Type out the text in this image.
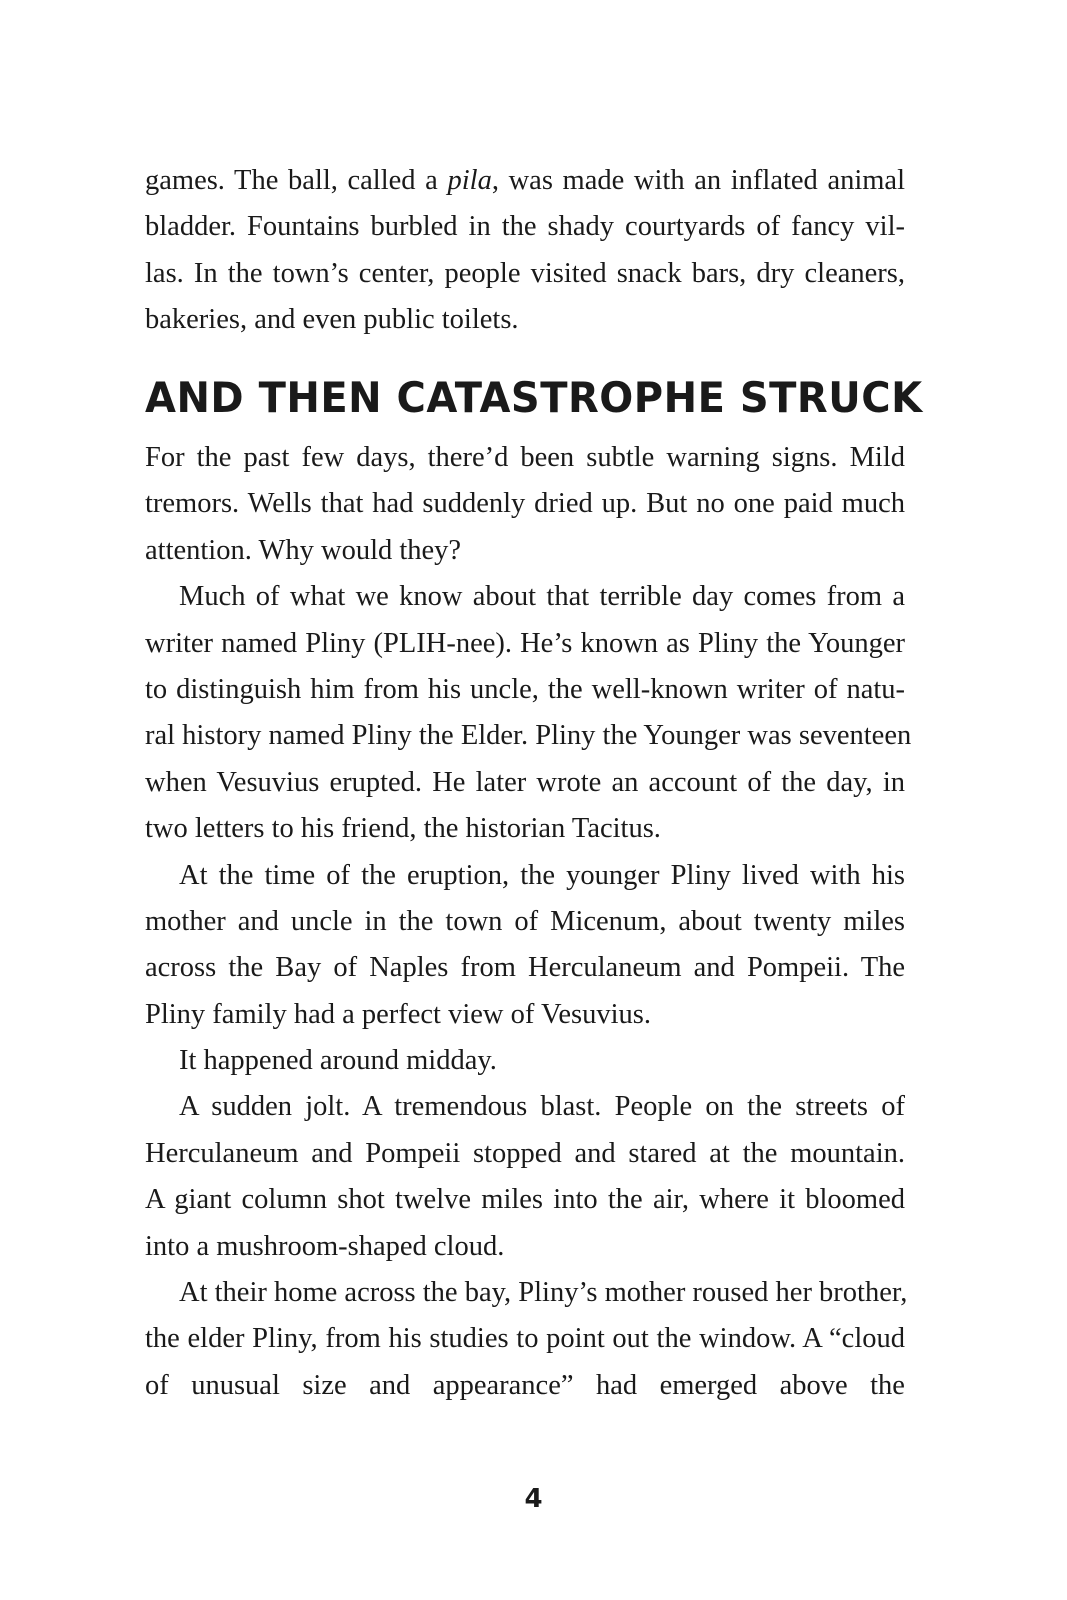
games. The ball, called a pila, was made with an inflated animal
bladder. Fountains burbled in the shady courtyards of fancy vil-
las. In the town’s center, people visited snack bars, dry cleaners,
bakeries, and even public toilets.
AND THEN CATASTROPHE STRUCK
For the past few days, there’d been subtle warning signs. Mild
tremors. Wells that had suddenly dried up. But no one paid much
attention. Why would they?
Much of what we know about that terrible day comes from a
writer named Pliny (PLIH-nee). He’s known as Pliny the Younger
to distinguish him from his uncle, the well-known writer of natu-
ral history named Pliny the Elder. Pliny the Younger was seventeen
when Vesuvius erupted. He later wrote an account of the day, in
two letters to his friend, the historian Tacitus.
At the time of the eruption, the younger Pliny lived with his
mother and uncle in the town of Micenum, about twenty miles
across the Bay of Naples from Herculaneum and Pompeii. The
Pliny family had a perfect view of Vesuvius.
It happened around midday.
A sudden jolt. A tremendous blast. People on the streets of
Herculaneum and Pompeii stopped and stared at the mountain.
A giant column shot twelve miles into the air, where it bloomed
into a mushroom-shaped cloud.
At their home across the bay, Pliny’s mother roused her brother,
the elder Pliny, from his studies to point out the window. A “cloud
of unusual size and appearance” had emerged above the
4
